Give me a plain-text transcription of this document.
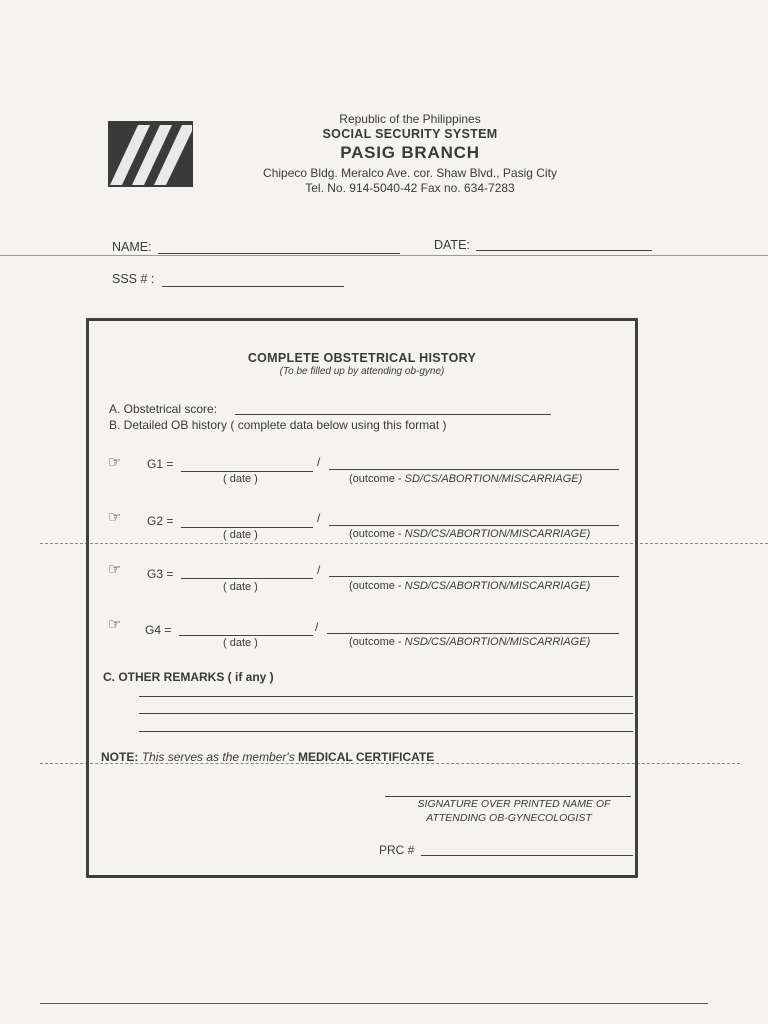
Republic of the Philippines
SOCIAL SECURITY SYSTEM
PASIG BRANCH
Chipeco Bldg. Meralco Ave. cor. Shaw Blvd., Pasig City
Tel. No. 914-5040-42 Fax no. 634-7283
NAME:	DATE:
SSS # :
COMPLETE OBSTETRICAL HISTORY
(To be filled up by attending ob-gyne)
A. Obstetrical score:
B. Detailed OB history ( complete data below using this format )
☞ G1 =	/
( date )	(outcome - SD/CS/ABORTION/MISCARRIAGE)
☞ G2 =	/
( date )	(outcome - NSD/CS/ABORTION/MISCARRIAGE)
☞ G3 =	/
( date )	(outcome - NSD/CS/ABORTION/MISCARRIAGE)
☞ G4 =	/
( date )	(outcome - NSD/CS/ABORTION/MISCARRIAGE)
C. OTHER REMARKS ( if any )
NOTE: This serves as the member's MEDICAL CERTIFICATE
SIGNATURE OVER PRINTED NAME OF
ATTENDING OB-GYNECOLOGIST
PRC #
